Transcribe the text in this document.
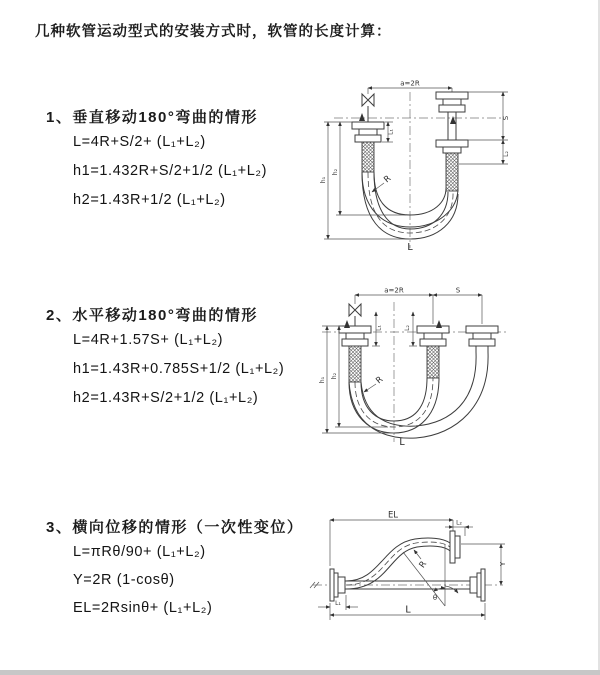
几种软管运动型式的安装方式时，软管的长度计算：
1、垂直移动180°弯曲的情形
L=4R+S/2+ (L₁+L₂)
h1=1.432R+S/2+1/2 (L₁+L₂)
h2=1.43R+1/2 (L₁+L₂)
a=2R
S
L₂
L₁
h₁
h₂
R
L
2、水平移动180°弯曲的情形
L=4R+1.57S+ (L₁+L₂)
h1=1.43R+0.785S+1/2 (L₁+L₂)
h2=1.43R+S/2+1/2 (L₁+L₂)
a=2R	S
L₁	L₂
h₁
h₂	R
L
3、横向位移的情形（一次性变位）
L=πRθ/90+ (L₁+L₂)
Y=2R (1-cosθ)
EL=2Rsinθ+ (L₁+L₂)
EL
L₂
Y
R
θ
L
L₁
